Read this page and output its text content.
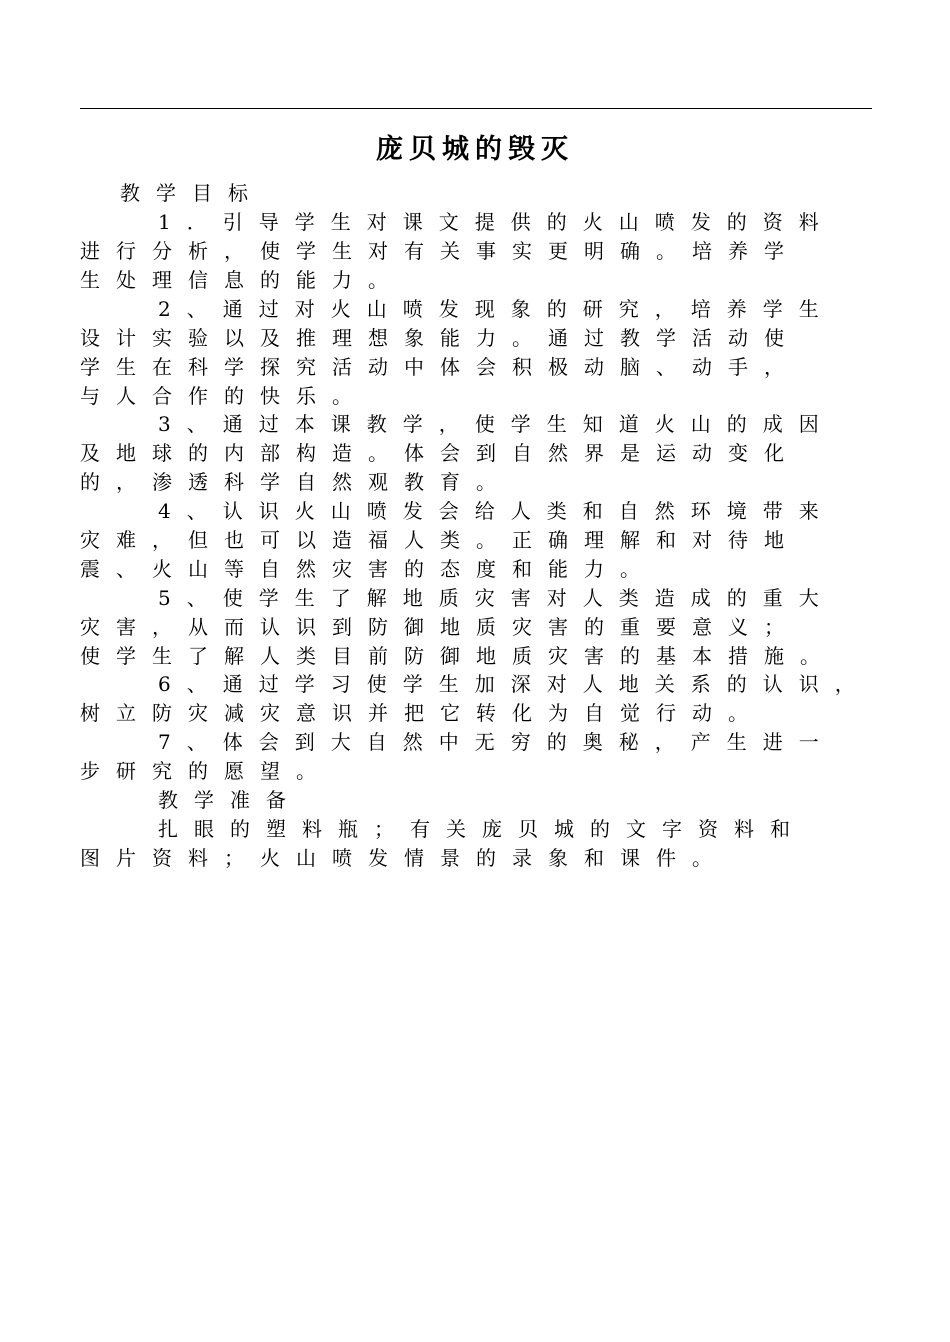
庞贝城的毁灭
教学目标
1．引导学生对课文提供的火山喷发的资料
进行分析，使学生对有关事实更明确。培养学
生处理信息的能力。
2、通过对火山喷发现象的研究，培养学生
设计实验以及推理想象能力。通过教学活动使
学生在科学探究活动中体会积极动脑、动手，
与人合作的快乐。
3、通过本课教学，使学生知道火山的成因
及地球的内部构造。体会到自然界是运动变化
的，渗透科学自然观教育。
4、认识火山喷发会给人类和自然环境带来
灾难，但也可以造福人类。正确理解和对待地
震、火山等自然灾害的态度和能力。
5、使学生了解地质灾害对人类造成的重大
灾害，从而认识到防御地质灾害的重要意义；
使学生了解人类目前防御地质灾害的基本措施。
6、通过学习使学生加深对人地关系的认识，
树立防灾减灾意识并把它转化为自觉行动。
7、体会到大自然中无穷的奥秘，产生进一
步研究的愿望。
教学准备
扎眼的塑料瓶；有关庞贝城的文字资料和
图片资料；火山喷发情景的录象和课件。
